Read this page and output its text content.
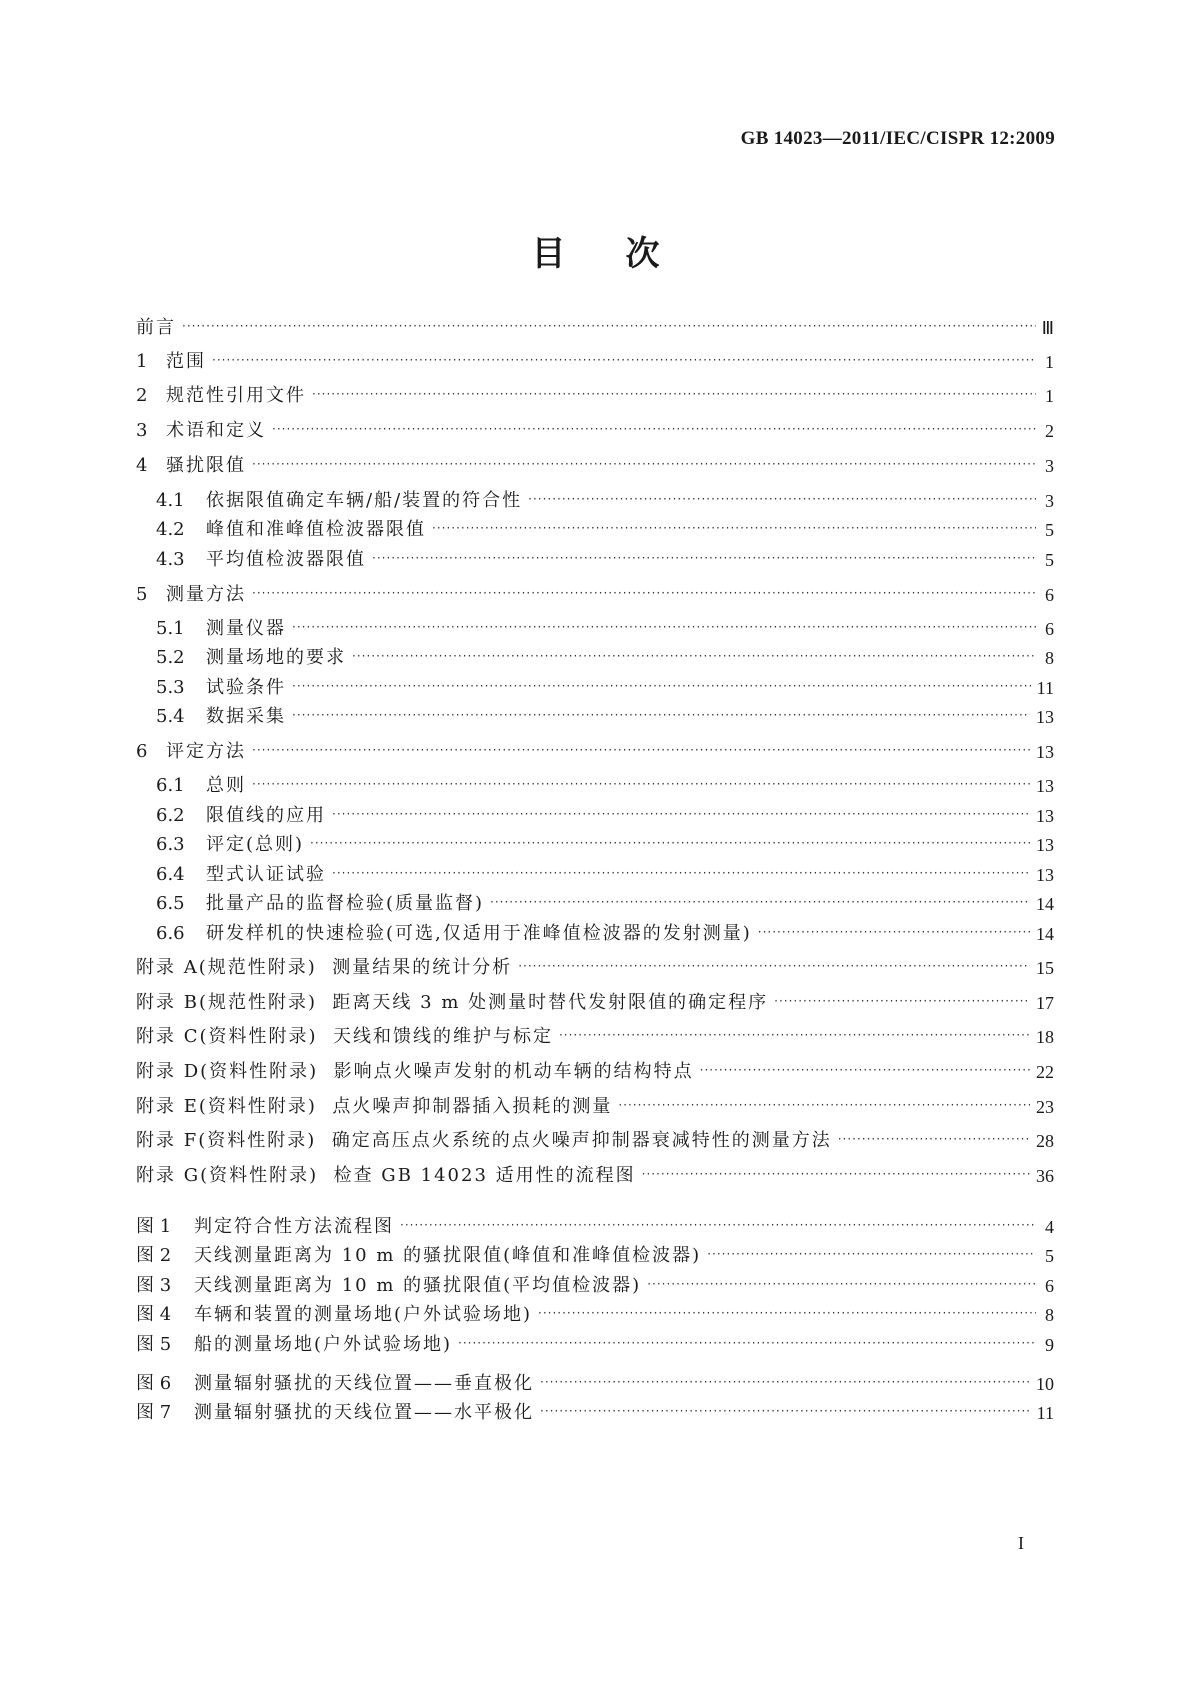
GB 14023—2011/IEC/CISPR 12:2009
目次
前言 ·····	Ⅲ
1	范围 ·····	1
2	规范性引用文件 ·····	1
3	术语和定义 ·····	2
4	骚扰限值 ·····	3
4.1	依据限值确定车辆/船/装置的符合性 ·····	3
4.2	峰值和准峰值检波器限值 ·····	5
4.3	平均值检波器限值 ·····	5
5	测量方法 ·····	6
5.1	测量仪器 ·····	6
5.2	测量场地的要求 ·····	8
5.3	试验条件 ·····	11
5.4	数据采集 ·····	13
6	评定方法 ·····	13
6.1	总则 ·····	13
6.2	限值线的应用 ·····	13
6.3	评定(总则) ·····	13
6.4	型式认证试验 ·····	13
6.5	批量产品的监督检验(质量监督) ·····	14
6.6	研发样机的快速检验(可选,仅适用于准峰值检波器的发射测量) ·····	14
附录 A(规范性附录)  测量结果的统计分析 ·····	15
附录 B(规范性附录)  距离天线 3 m 处测量时替代发射限值的确定程序 ·····	17
附录 C(资料性附录)  天线和馈线的维护与标定 ·····	18
附录 D(资料性附录)  影响点火噪声发射的机动车辆的结构特点 ·····	22
附录 E(资料性附录)  点火噪声抑制器插入损耗的测量 ·····	23
附录 F(资料性附录)  确定高压点火系统的点火噪声抑制器衰减特性的测量方法 ·····	28
附录 G(资料性附录)  检查 GB 14023 适用性的流程图 ·····	36
图 1	判定符合性方法流程图 ·····	4
图 2	天线测量距离为 10 m 的骚扰限值(峰值和准峰值检波器) ·····	5
图 3	天线测量距离为 10 m 的骚扰限值(平均值检波器) ·····	6
图 4	车辆和装置的测量场地(户外试验场地) ·····	8
图 5	船的测量场地(户外试验场地) ·····	9
图 6	测量辐射骚扰的天线位置——垂直极化 ·····	10
图 7	测量辐射骚扰的天线位置——水平极化 ·····	11
I
